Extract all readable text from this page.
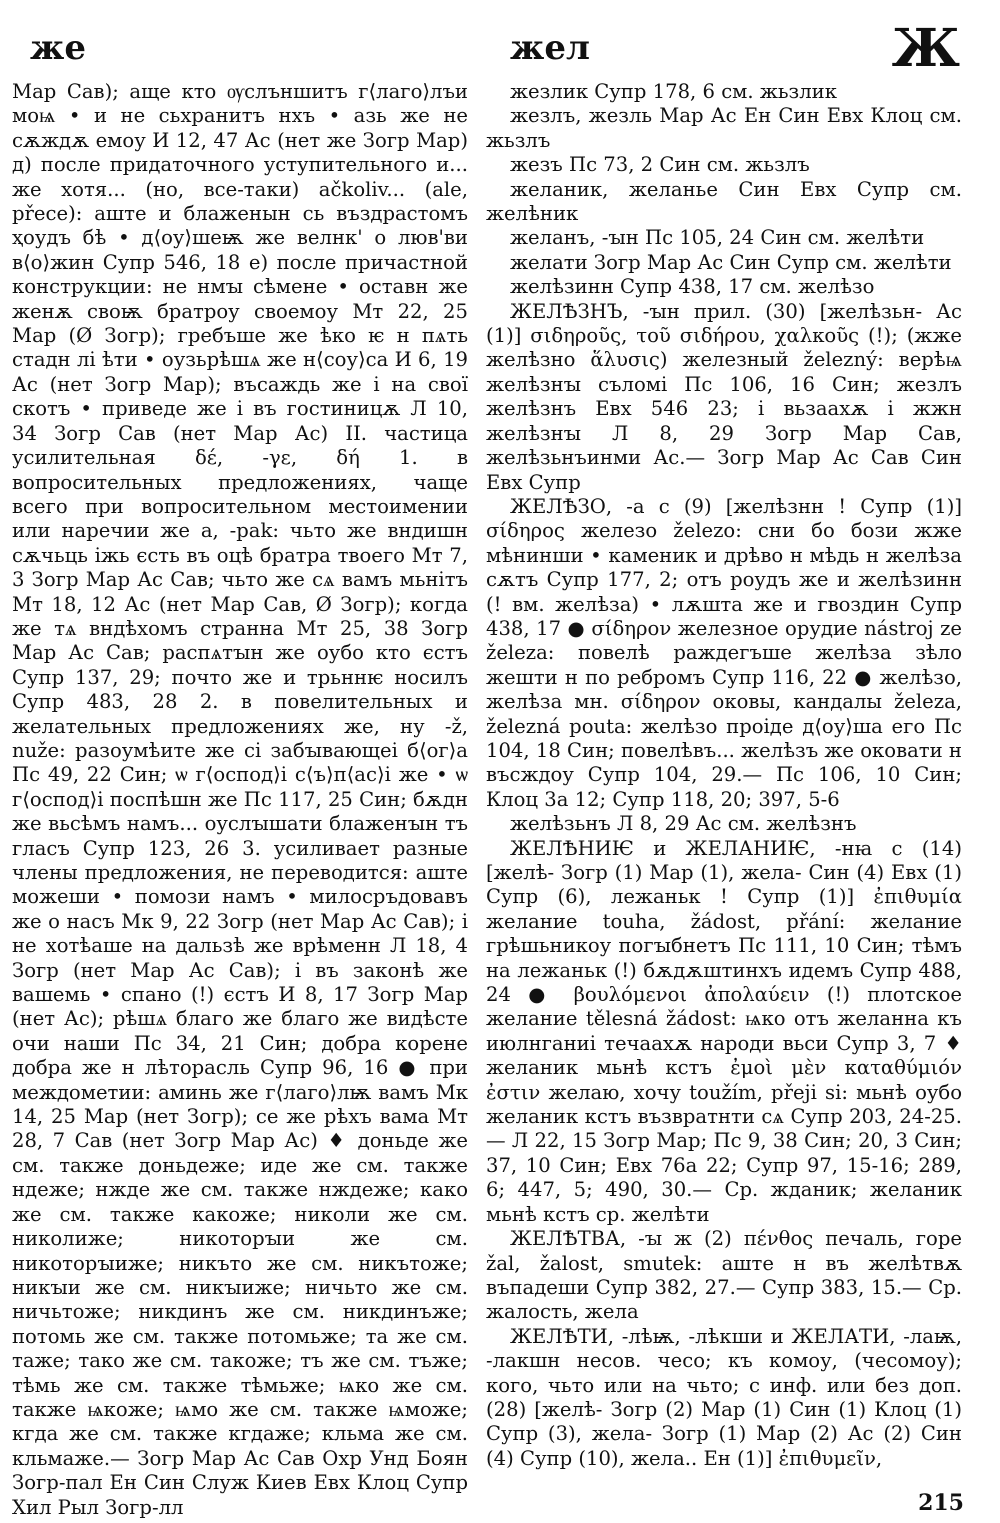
же	жел	Ж

Мар Сав); аще кто ѹслъншитъ г⟨лаго⟩лъи моѩ • и не сьхранитъ нхъ • азь же не сѫждѫ емоу И 12, 47 Ас (нет же Зогр Мар) д) после придаточного уступительного и... же хотя... (но, все-таки) ačkoliv... (ale, přece): аште и блаженын сь въздрастомъ ҳоудъ бѣ • д⟨оу⟩шеѭ же велнк' о люв'ви в⟨о⟩жин Супр 546, 18 е) после причастной конструкции: не нмꙑ сѣмене • оставн же женѫ своѭ братроу своемоу Мт 22, 25 Мар (Ø Зогр); гребъше же ѣко ѥ н пѧть стадн лі ѣти • оузьрѣшѧ же н⟨соу⟩са И 6, 19 Ас (нет Зогр Мар); въсаждь же і на свої скотъ • приведе же і въ гостиницѫ Л 10, 34 Зогр Сав (нет Мар Ас) II. частица усилительная δέ, -γε, δή 1. в вопросительных предложениях, чаще всего при вопросительном местоимении или наречии же a, -pak: чьто же вндишн сѫчьць іжь єсть въ оцѣ братра твоего Мт 7, 3 Зогр Мар Ас Сав; чьто же сѧ вамъ мьнітъ Мт 18, 12 Ас (нет Мар Сав, Ø Зогр); когда же тѧ вндѣхомъ странна Мт 25, 38 Зогр Мар Ас Сав; распѧтꙑн же оубо кто єстъ Супр 137, 29; почто же и трьннѥ носилъ Супр 483, 28 2. в повелительных и желательных предложениях же, ну -ž, nuže: разоумѣите же сі забꙑвающеі б⟨ог⟩а Пс 49, 22 Син; ѡ г⟨оспод⟩і с⟨ъ⟩п⟨ас⟩і же • ѡ г⟨оспод⟩і поспѣшн же Пс 117, 25 Син; бѫдн же вьсѣмъ намъ... оуслꙑшати блаженꙑн тъ гласъ Супр 123, 26 3. усиливает разные члены предложения, не переводится: аште можеши • помози намъ • милосръдовавъ же о насъ Мк 9, 22 Зогр (нет Мар Ас Сав); і не хотѣаше на дальзѣ же врѣменн Л 18, 4 Зогр (нет Мар Ас Сав); і въ законѣ же вашемь • спано (!) єстъ И 8, 17 Зогр Мар (нет Ас); рѣшѧ благо же благо же видѣсте очи наши Пс 34, 21 Син; добра корене добра же н лѣторасль Супр 96, 16 ● при междометии: аминь же г⟨лаго⟩лѭ вамъ Мк 14, 25 Мар (нет Зогр); се же рѣхъ вама Мт 28, 7 Сав (нет Зогр Мар Ас) ♦ доньде же см. также доньдеже; иде же см. также ндеже; нжде же см. также нждеже; како же см. также какоже; николи же см. николиже; никоторꙑи же см. никоторꙑиже; никъто же см. никътоже; никꙑи же см. никꙑиже; ничьто же см. ничьтоже; никдинъ же см. никдинъже; потомь же см. также потомьже; та же см. таже; тако же см. такоже; тъ же см. тъже; тѣмь же см. также тѣмьже; ѩко же см. также ѩкоже; ѩмо же см. также ѩможе; кгда же см. также кгдаже; кльма же см. кльмаже.— Зогр Мар Ас Сав Охр Унд Боян Зогр-пал Ен Син Служ Киев Евх Клоц Супр Хил Рыл Зогр-лл

жезлик Супр 178, 6 см. жьзлик

жезлъ, жезль Мар Ас Ен Син Евх Клоц см. жьзлъ

жезъ Пс 73, 2 Син см. жьзлъ

желаник, желанье Син Евх Супр см. желѣник

желанъ, -ꙑн Пс 105, 24 Син см. желѣти

желати Зогр Мар Ас Син Супр см. желѣти

желѣзинн Супр 438, 17 см. желѣзо

ЖЕЛѢЗНЪ, -ꙑн прил. (30) [желѣзьн- Ас (1)] σιδηροῦς, τοῦ σιδήρου, χαλκοῦς (!); (жже желѣзно ἅλυσις) железный železný: верѣѩ желѣзнꙑ съломі Пс 106, 16 Син; жезлъ желѣзнъ Евх 546 23; і вьзаахѫ і жжн желѣзнꙑ Л 8, 29 Зогр Мар Сав, желѣзьнъинми Ас.— Зогр Мар Ас Сав Син Евх Супр

ЖЕЛѢЗО, -а с (9) [желѣзнн ! Супр (1)] σίδηρος железо železo: сни бо бози жже мѣнинши • каменик и дрѣво н мѣдь н желѣза сѫтъ Супр 177, 2; отъ роудъ же и желѣзинн (! вм. желѣза) • лѫшта же и гвоздин Супр 438, 17 ● σίδηρον железное орудие nástroj ze železa: повелѣ раждегъше желѣза зѣло жешти н по ребромъ Супр 116, 22 ● желѣзо, желѣза мн. σίδηρον оковы, кандалы železa, železná pouta: желѣзо проіде д⟨оу⟩ша его Пс 104, 18 Син; повелѣвъ... желѣзъ же оковати н въсждоу Супр 104, 29.— Пс 106, 10 Син; Клоц 3а 12; Супр 118, 20; 397, 5-6

желѣзьнъ Л 8, 29 Ас см. желѣзнъ

ЖЕЛѢНИѤ и ЖЕЛАНИѤ, -нꙗ с (14) [желѣ- Зогр (1) Мар (1), жела- Син (4) Евх (1) Супр (6), лежаньк ! Супр (1)] ἐπιθυμία желание touha, žádost, přání: желание грѣшьникоу погꙑбнетъ Пс 111, 10 Син; тѣмъ на лежаньк (!) бѫдѫштинхъ идемъ Супр 488, 24 ● βουλόμενοι ἀπολαύειν (!) плотское желание tělesná žádost: ѩко отъ желанна къ июлнганиі течаахѫ народи вьси Супр 3, 7 ♦ желаник мьнѣ кстъ ἐμοὶ μὲν καταθύμιόν ἐστιν желаю, хочу toužím, přeji si: мьнѣ оубо желаник кстъ възвратнти сѧ Супр 203, 24-25.— Л 22, 15 Зогр Мар; Пс 9, 38 Син; 20, 3 Син; 37, 10 Син; Евх 76а 22; Супр 97, 15-16; 289, 6; 447, 5; 490, 30.— Ср. жданик; желаник мьнѣ кстъ ср. желѣти

ЖЕЛѢТВА, -ꙑ ж (2) πένθος печаль, горе žal, žalost, smutek: аште н въ желѣтвѫ въпадеши Супр 382, 27.— Супр 383, 15.— Ср. жалость, жела

ЖЕЛѢТИ, -лѣѭ, -лѣкши и ЖЕЛАТИ, -лаѭ, -лакшн несов. чесо; къ комоу, (чесомоу); кого, чьто или на чьто; с инф. или без доп. (28) [желѣ- Зогр (2) Мар (1) Син (1) Клоц (1) Супр (3), жела- Зогр (1) Мар (2) Ас (2) Син (4) Супр (10), жела.. Ен (1)] ἐπιθυμεῖν,

215
